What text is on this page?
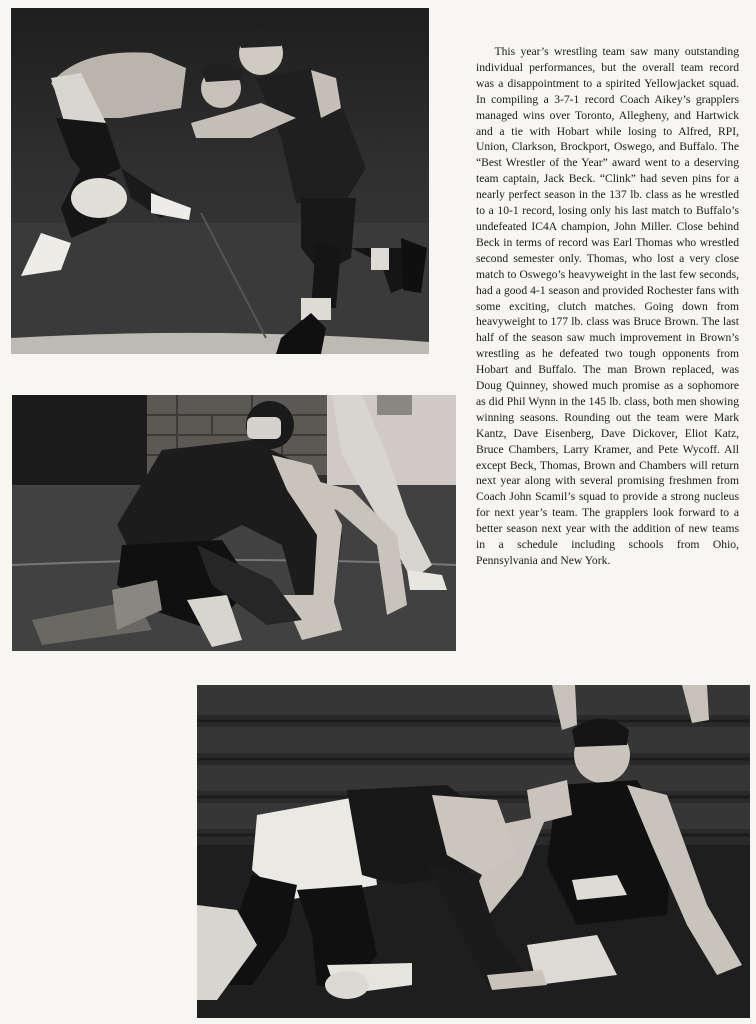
This year’s wrestling team saw many outstanding individual performances, but the overall team record was a disappointment to a spirited Yellowjacket squad. In compiling a 3-7-1 record Coach Aikey’s grapplers managed wins over Toronto, Allegheny, and Hartwick and a tie with Hobart while losing to Alfred, RPI, Union, Clarkson, Brockport, Oswego, and Buffalo. The “Best Wrestler of the Year” award went to a deserving team captain, Jack Beck. “Clink” had seven pins for a nearly perfect season in the 137 lb. class as he wrestled to a 10-1 record, losing only his last match to Buffalo’s undefeated IC4A champion, John Miller. Close behind Beck in terms of record was Earl Thomas who wrestled second semester only. Thomas, who lost a very close match to Oswego’s heavyweight in the last few seconds, had a good 4-1 season and provided Rochester fans with some exciting, clutch matches. Going down from heavyweight to 177 lb. class was Bruce Brown. The last half of the season saw much improvement in Brown’s wrestling as he defeated two tough opponents from Hobart and Buffalo. The man Brown replaced, was Doug Quinney, showed much promise as a sophomore as did Phil Wynn in the 145 lb. class, both men showing winning seasons. Rounding out the team were Mark Kantz, Dave Eisenberg, Dave Dickover, Eliot Katz, Bruce Chambers, Larry Kramer, and Pete Wycoff. All except Beck, Thomas, Brown and Chambers will return next year along with several promising freshmen from Coach John Scamil’s squad to provide a strong nucleus for next year’s team. The grapplers look forward to a better season next year with the addition of new teams in a schedule including schools from Ohio, Pennsylvania and New York.
